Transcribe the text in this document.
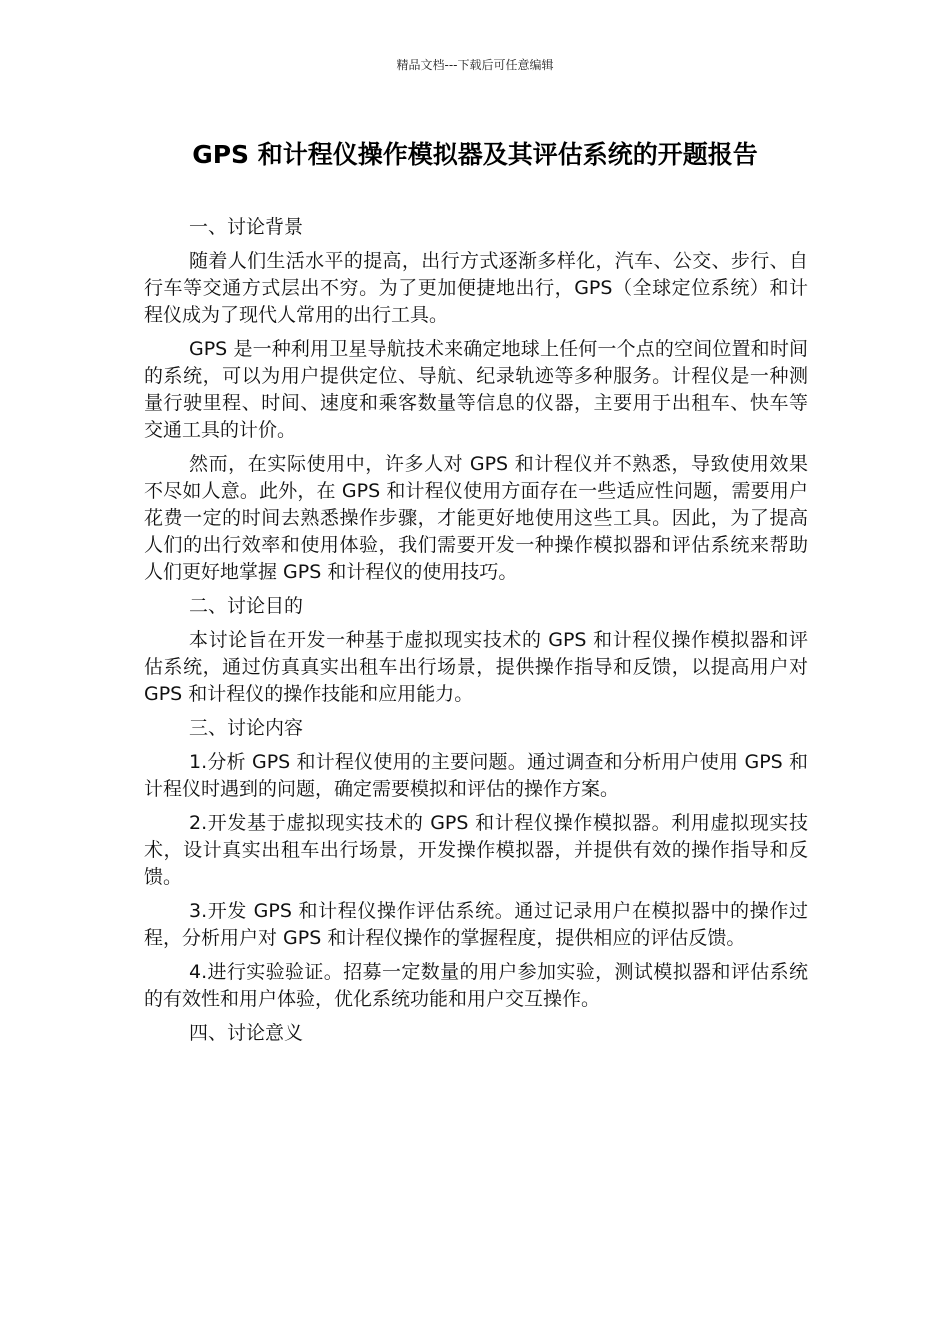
精品文档---下载后可任意编辑
GPS 和计程仪操作模拟器及其评估系统的开题报告

一、讨论背景

随着人们生活水平的提高，出行方式逐渐多样化，汽车、公交、步行、自行车等交通方式层出不穷。为了更加便捷地出行，GPS（全球定位系统）和计程仪成为了现代人常用的出行工具。

GPS 是一种利用卫星导航技术来确定地球上任何一个点的空间位置和时间的系统，可以为用户提供定位、导航、纪录轨迹等多种服务。计程仪是一种测量行驶里程、时间、速度和乘客数量等信息的仪器，主要用于出租车、快车等交通工具的计价。

然而，在实际使用中，许多人对 GPS 和计程仪并不熟悉，导致使用效果不尽如人意。此外，在 GPS 和计程仪使用方面存在一些适应性问题，需要用户花费一定的时间去熟悉操作步骤，才能更好地使用这些工具。因此，为了提高人们的出行效率和使用体验，我们需要开发一种操作模拟器和评估系统来帮助人们更好地掌握 GPS 和计程仪的使用技巧。

二、讨论目的

本讨论旨在开发一种基于虚拟现实技术的 GPS 和计程仪操作模拟器和评估系统，通过仿真真实出租车出行场景，提供操作指导和反馈，以提高用户对 GPS 和计程仪的操作技能和应用能力。

三、讨论内容

1.分析 GPS 和计程仪使用的主要问题。通过调查和分析用户使用 GPS 和计程仪时遇到的问题，确定需要模拟和评估的操作方案。

2.开发基于虚拟现实技术的 GPS 和计程仪操作模拟器。利用虚拟现实技术，设计真实出租车出行场景，开发操作模拟器，并提供有效的操作指导和反馈。

3.开发 GPS 和计程仪操作评估系统。通过记录用户在模拟器中的操作过程，分析用户对 GPS 和计程仪操作的掌握程度，提供相应的评估反馈。

4.进行实验验证。招募一定数量的用户参加实验，测试模拟器和评估系统的有效性和用户体验，优化系统功能和用户交互操作。

四、讨论意义
